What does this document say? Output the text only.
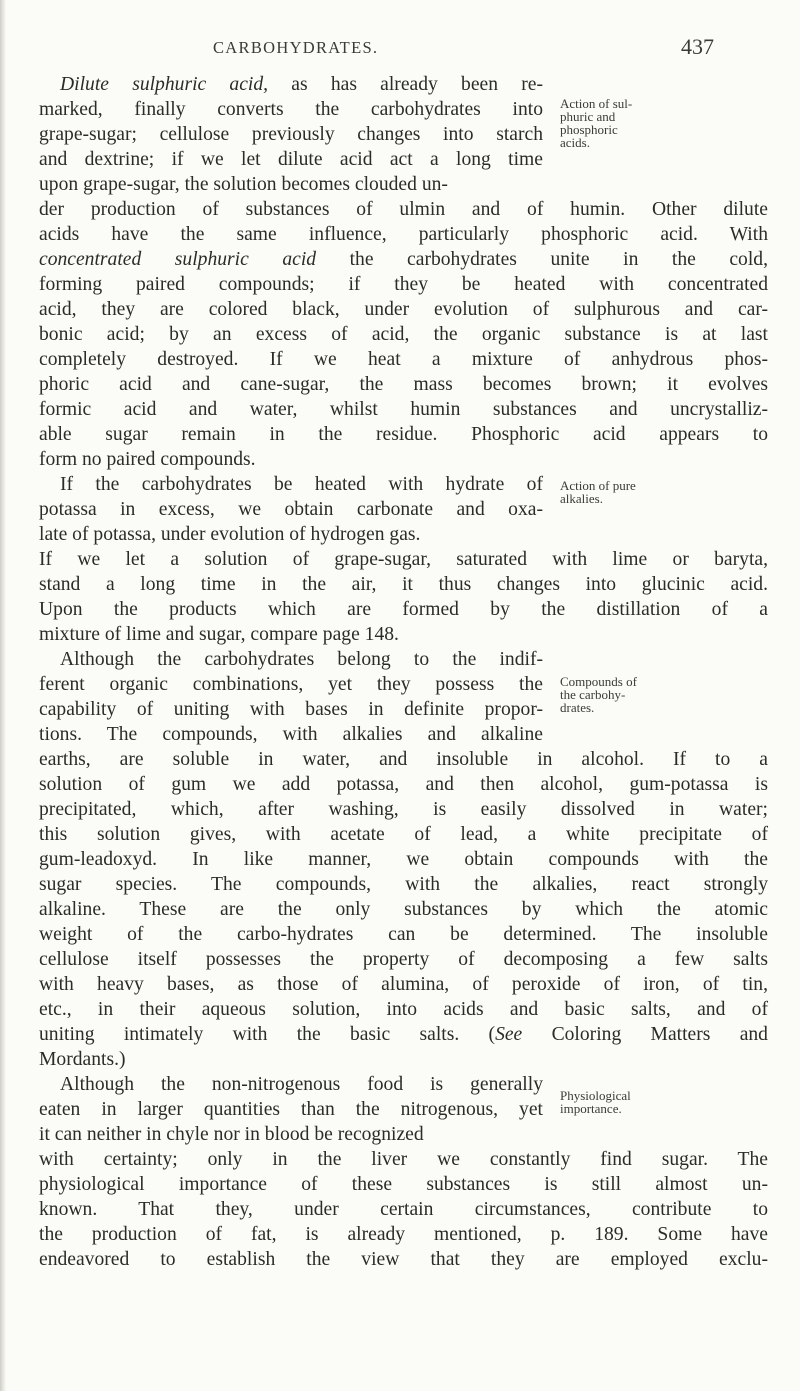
CARBOHYDRATES.	437
Dilute sulphuric acid, as has already been re-
marked, finally converts the carbohydrates into
grape-sugar; cellulose previously changes into starch
and dextrine; if we let dilute acid act a long time
upon grape-sugar, the solution becomes clouded un-
der production of substances of ulmin and of humin. Other dilute
acids have the same influence, particularly phosphoric acid. With
concentrated sulphuric acid the carbohydrates unite in the cold,
forming paired compounds; if they be heated with concentrated
acid, they are colored black, under evolution of sulphurous and car-
bonic acid; by an excess of acid, the organic substance is at last
completely destroyed. If we heat a mixture of anhydrous phos-
phoric acid and cane-sugar, the mass becomes brown; it evolves
formic acid and water, whilst humin substances and uncrystalliz-
able sugar remain in the residue. Phosphoric acid appears to
form no paired compounds.
If the carbohydrates be heated with hydrate of
potassa in excess, we obtain carbonate and oxa-
late of potassa, under evolution of hydrogen gas.
If we let a solution of grape-sugar, saturated with lime or baryta,
stand a long time in the air, it thus changes into glucinic acid.
Upon the products which are formed by the distillation of a
mixture of lime and sugar, compare page 148.
Although the carbohydrates belong to the indif-
ferent organic combinations, yet they possess the
capability of uniting with bases in definite propor-
tions. The compounds, with alkalies and alkaline
earths, are soluble in water, and insoluble in alcohol. If to a
solution of gum we add potassa, and then alcohol, gum-potassa is
precipitated, which, after washing, is easily dissolved in water;
this solution gives, with acetate of lead, a white precipitate of
gum-leadoxyd. In like manner, we obtain compounds with the
sugar species. The compounds, with the alkalies, react strongly
alkaline. These are the only substances by which the atomic
weight of the carbo-hydrates can be determined. The insoluble
cellulose itself possesses the property of decomposing a few salts
with heavy bases, as those of alumina, of peroxide of iron, of tin,
etc., in their aqueous solution, into acids and basic salts, and of
uniting intimately with the basic salts. (See Coloring Matters and
Mordants.)
Although the non-nitrogenous food is generally
eaten in larger quantities than the nitrogenous, yet
it can neither in chyle nor in blood be recognized
with certainty; only in the liver we constantly find sugar. The
physiological importance of these substances is still almost un-
known. That they, under certain circumstances, contribute to
the production of fat, is already mentioned, p. 189. Some have
endeavored to establish the view that they are employed exclu-
Action of sul-
phuric and
phosphoric
acids.
Action of pure
alkalies.
Compounds of
the carbohy-
drates.
Physiological
importance.
